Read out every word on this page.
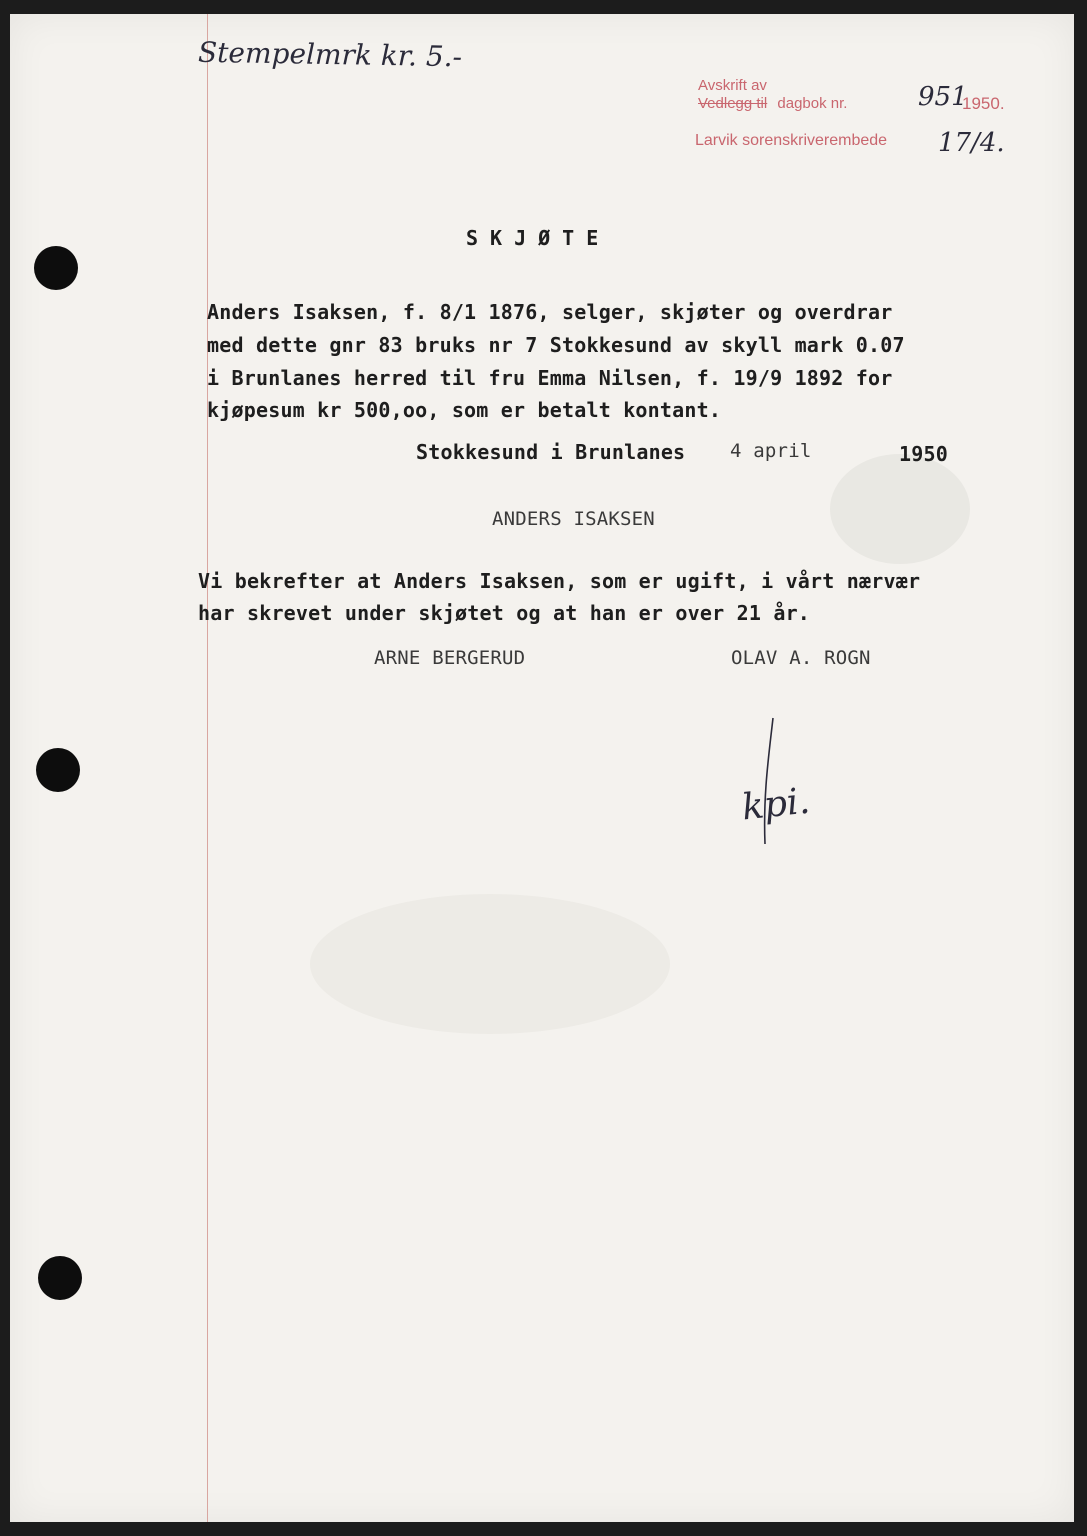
Stempelmrk kr. 5.-
Avskrift av
Vedlegg til dagbok nr.	951
1950.
Larvik sorenskriverembede 17/4.
SKJØTE
Anders Isaksen, f. 8/1 1876, selger, skjøter og overdrar
med dette gnr 83 bruks nr 7 Stokkesund av skyll mark 0.07
i Brunlanes herred til fru Emma Nilsen, f. 19/9 1892 for
kjøpesum kr 500,oo, som er betalt kontant.
Stokkesund i Brunlanes 4 april	1950
ANDERS ISAKSEN
Vi bekrefter at Anders Isaksen, som er ugift, i vårt nærvær
har skrevet under skjøtet og at han er over 21 år.
ARNE BERGERUD	OLAV A. ROGN
kpi.
